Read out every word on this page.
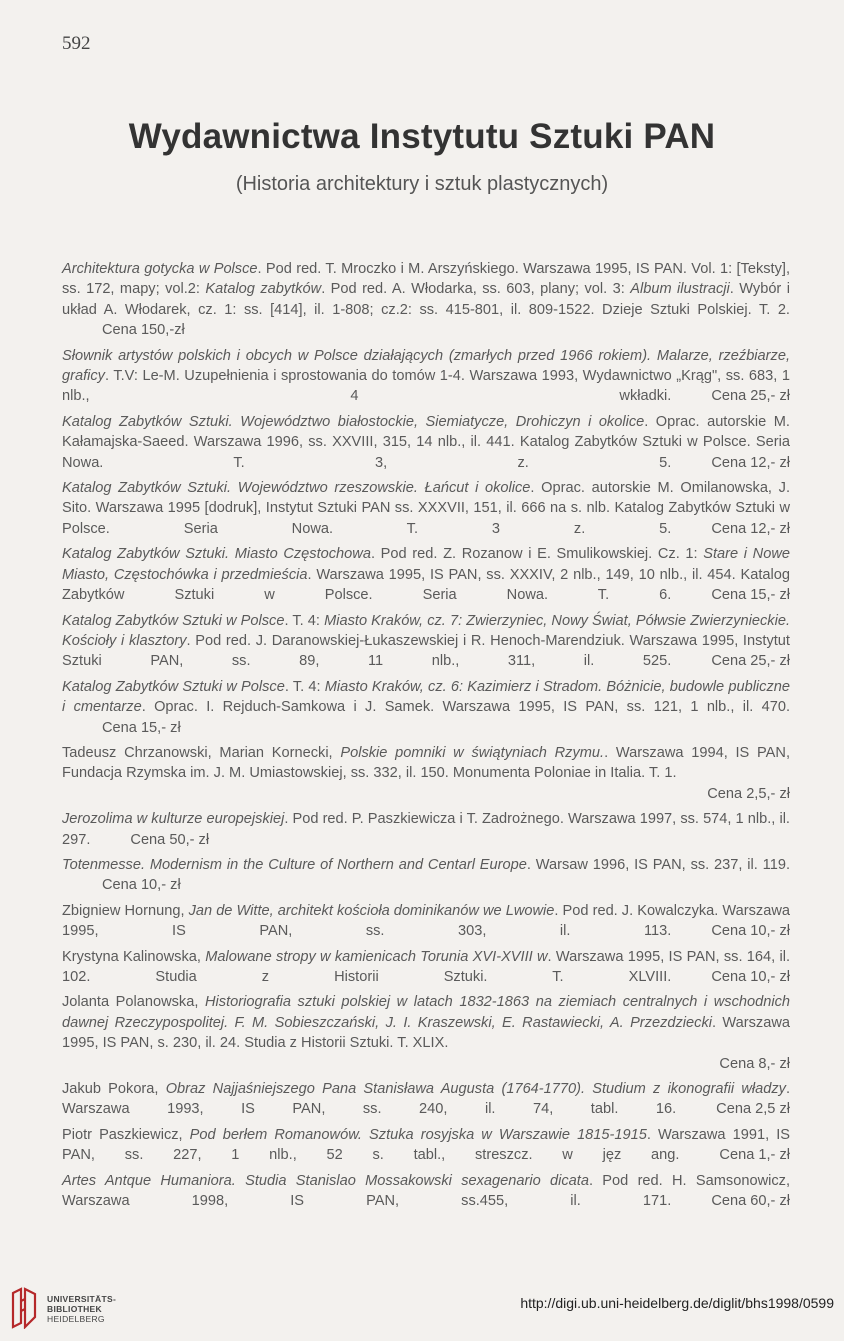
592
Wydawnictwa Instytutu Sztuki PAN
(Historia architektury i sztuk plastycznych)

Architektura gotycka w Polsce. Pod red. T. Mroczko i M. Arszyńskiego. Warszawa 1995, IS PAN. Vol. 1: [Teksty], ss. 172, mapy; vol.2: Katalog zabytków. Pod red. A. Włodarka, ss. 603, plany; vol. 3: Album ilustracji. Wybór i układ A. Włodarek, cz. 1: ss. [414], il. 1-808; cz.2: ss. 415-801, il. 809-1522. Dzieje Sztuki Polskiej. T. 2.Cena 150,-zł

Słownik artystów polskich i obcych w Polsce działających (zmarłych przed 1966 rokiem). Malarze, rzeźbiarze, graficy. T.V: Le-M. Uzupełnienia i sprostowania do tomów 1-4. Warszawa 1993, Wydawnictwo „Krąg", ss. 683, 1 nlb., 4 wkładki.	Cena 25,- zł

Katalog Zabytków Sztuki. Województwo białostockie, Siemiatycze, Drohiczyn i okolice. Oprac. autorskie M. Kałamajska-Saeed. Warszawa 1996, ss. XXVIII, 315, 14 nlb., il. 441. Katalog Zabytków Sztuki w Polsce. Seria Nowa. T. 3, z. 5.	Cena 12,- zł

Katalog Zabytków Sztuki. Województwo rzeszowskie. Łańcut i okolice. Oprac. autorskie M. Omilanowska, J. Sito. Warszawa 1995 [dodruk], Instytut Sztuki PAN ss. XXXVII, 151, il. 666 na s. nlb. Katalog Zabytków Sztuki w Polsce. Seria Nowa. T. 3 z. 5.	Cena 12,- zł

Katalog Zabytków Sztuki. Miasto Częstochowa. Pod red. Z. Rozanow i E. Smulikowskiej. Cz. 1: Stare i Nowe Miasto, Częstochówka i przedmieścia. Warszawa 1995, IS PAN, ss. XXXIV, 2 nlb., 149, 10 nlb., il. 454. Katalog Zabytków Sztuki w Polsce. Seria Nowa. T. 6.	Cena 15,- zł

Katalog Zabytków Sztuki w Polsce. T. 4: Miasto Kraków, cz. 7: Zwierzyniec, Nowy Świat, Półwsie Zwierzynieckie. Kościoły i klasztory. Pod red. J. Daranowskiej-Łukaszewskiej i R. Henoch-Marendziuk. Warszawa 1995, Instytut Sztuki PAN, ss. 89, 11 nlb., 311, il. 525.	Cena 25,- zł

Katalog Zabytków Sztuki w Polsce. T. 4: Miasto Kraków, cz. 6: Kazimierz i Stradom. Bóżnicie, budowle publiczne i cmentarze. Oprac. I. Rejduch-Samkowa i J. Samek. Warszawa 1995, IS PAN, ss. 121, 1 nlb., il. 470.Cena 15,- zł

Tadeusz Chrzanowski, Marian Kornecki, Polskie pomniki w świątyniach Rzymu.. Warszawa 1994, IS PAN, Fundacja Rzymska im. J. M. Umiastowskiej, ss. 332, il. 150. Monumenta Poloniae in Italia. T. 1.
Cena 2,5,- zł

Jerozolima w kulturze europejskiej. Pod red. P. Paszkiewicza i T. Zadrożnego. Warszawa 1997, ss. 574, 1 nlb., il. 297.	Cena 50,- zł

Totenmesse. Modernism in the Culture of Northern and Centarl Europe. Warsaw 1996, IS PAN, ss. 237, il. 119.Cena 10,- zł

Zbigniew Hornung, Jan de Witte, architekt kościoła dominikanów we Lwowie. Pod red. J. Kowalczyka. Warszawa 1995, IS PAN, ss. 303, il. 113.	Cena 10,- zł

Krystyna Kalinowska, Malowane stropy w kamienicach Torunia XVI-XVIII w. Warszawa 1995, IS PAN, ss. 164, il. 102. Studia z Historii Sztuki. T. XLVIII.	Cena 10,- zł

Jolanta Polanowska, Historiografia sztuki polskiej w latach 1832-1863 na ziemiach centralnych i wschodnich dawnej Rzeczypospolitej. F. M. Sobieszczański, J. I. Kraszewski, E. Rastawiecki, A. Przezdziecki. Warszawa 1995, IS PAN, s. 230, il. 24. Studia z Historii Sztuki. T. XLIX.
Cena 8,- zł

Jakub Pokora, Obraz Najjaśniejszego Pana Stanisława Augusta (1764-1770). Studium z ikonografii władzy. Warszawa 1993, IS PAN, ss. 240, il. 74, tabl. 16.	Cena 2,5 zł

Piotr Paszkiewicz, Pod berłem Romanowów. Sztuka rosyjska w Warszawie 1815-1915. Warszawa 1991, IS PAN, ss. 227, 1 nlb., 52 s. tabl., streszcz. w jęz ang.	Cena 1,- zł

Artes Antque Humaniora. Studia Stanislao Mossakowski sexagenario dicata. Pod red. H. Samsonowicz, Warszawa 1998, IS PAN, ss.455, il. 171.	Cena 60,- zł

UNIVERSITÄTS-
BIBLIOTHEK
HEIDELBERG
http://digi.ub.uni-heidelberg.de/diglit/bhs1998/0599
